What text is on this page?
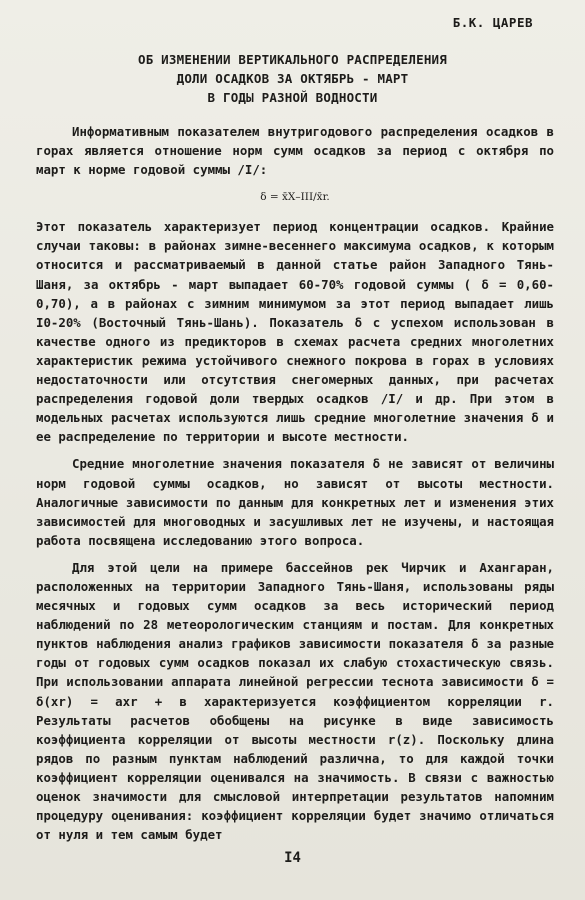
Б.К. ЦАРЕВ
ОБ ИЗМЕНЕНИИ ВЕРТИКАЛЬНОГО РАСПРЕДЕЛЕНИЯ
ДОЛИ ОСАДКОВ ЗА ОКТЯБРЬ - МАРТ
В ГОДЫ РАЗНОЙ ВОДНОСТИ

Информативным показателем внутригодового распределения осадков в горах является отношение норм сумм осадков за период с октября по март к норме годовой суммы /I/:

δ = x̄X–III/x̄r.

Этот показатель характеризует период концентрации осадков. Крайние случаи таковы: в районах зимне-весеннего максимума осадков, к которым относится и рассматриваемый в данной статье район Западного Тянь-Шаня, за октябрь - март выпадает 60-70% годовой суммы ( δ = 0,60-0,70), а в районах с зимним минимумом за этот период выпадает лишь I0-20% (Восточный Тянь-Шань). Показатель δ с успехом использован в качестве одного из предикторов в схемах расчета средних многолетних характеристик режима устойчивого снежного покрова в горах в условиях недостаточности или отсутствия снегомерных данных, при расчетах распределения годовой доли твердых осадков /I/ и др. При этом в модельных расчетах используются лишь средние многолетние значения δ и ее распределение по территории и высоте местности.

Средние многолетние значения показателя δ не зависят от величины норм годовой суммы осадков, но зависят от высоты местности. Аналогичные зависимости по данным для конкретных лет и изменения этих зависимостей для многоводных и засушливых лет не изучены, и настоящая работа посвящена исследованию этого вопроса.

Для этой цели на примере бассейнов рек Чирчик и Ахангаран, расположенных на территории Западного Тянь-Шаня, использованы ряды месячных и годовых сумм осадков за весь исторический период наблюдений по 28 метеорологическим станциям и постам. Для конкретных пунктов наблюдения анализ графиков зависимости показателя δ за разные годы от годовых сумм осадков показал их слабую стохастическую связь. При использовании аппарата линейной регрессии теснота зависимости δ = δ(xr) = axr + в характеризуется коэффициентом корреляции r. Результаты расчетов обобщены на рисунке в виде зависимость коэффициента корреляции от высоты местности r(z). Поскольку длина рядов по разным пунктам наблюдений различна, то для каждой точки коэффициент корреляции оценивался на значимость. В связи с важностью оценок значимости для смысловой интерпретации результатов напомним процедуру оценивания: коэффициент корреляции будет значимо отличаться от нуля и тем самым будет

I4
